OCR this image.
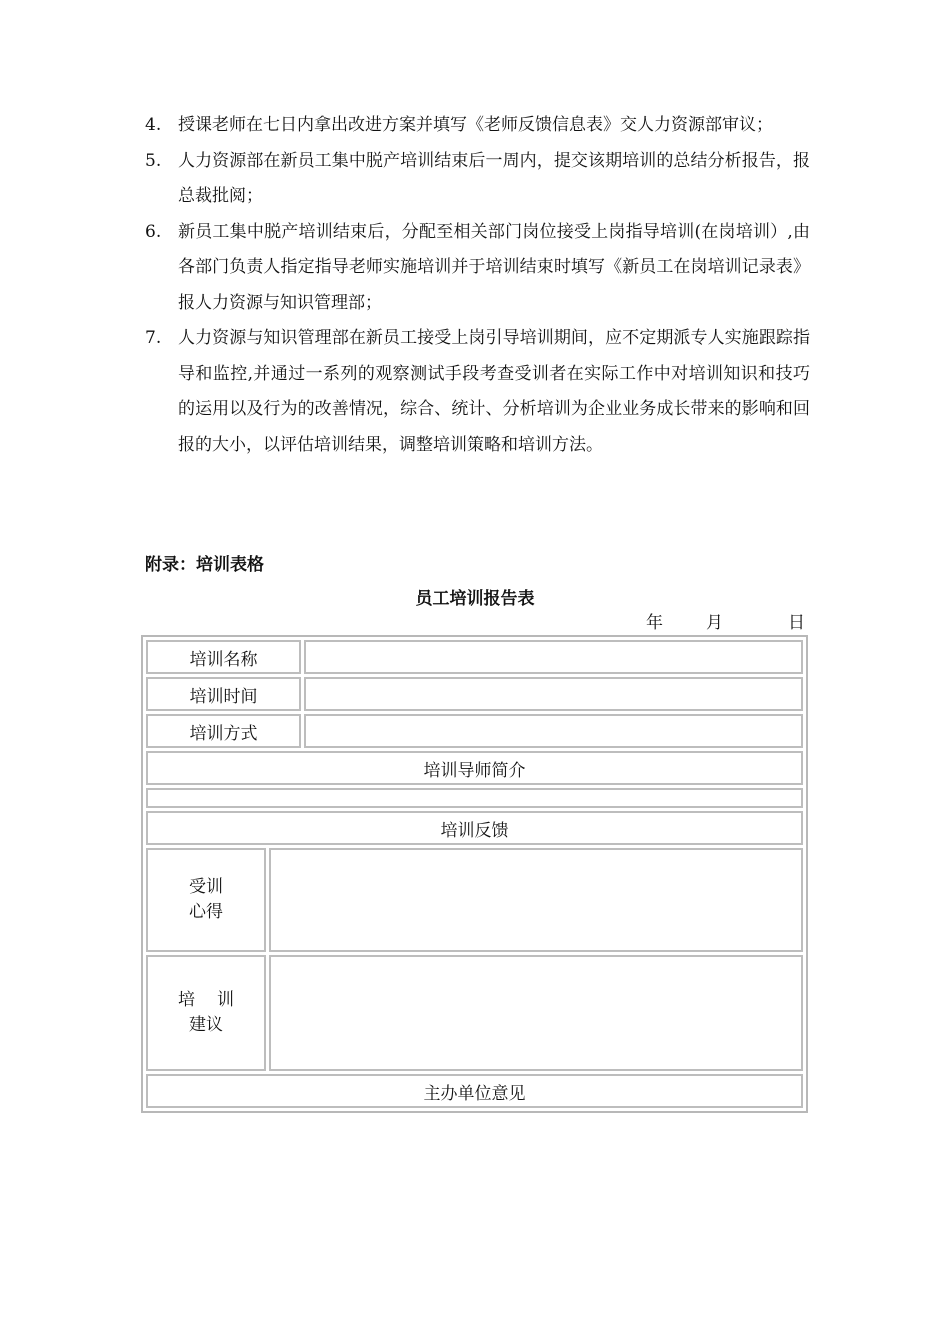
4. 授课老师在七日内拿出改进方案并填写《老师反馈信息表》交人力资源部审议；
5. 人力资源部在新员工集中脱产培训结束后一周内，提交该期培训的总结分析报告，报总裁批阅；
6. 新员工集中脱产培训结束后，分配至相关部门岗位接受上岗指导培训(在岗培训）,由各部门负责人指定指导老师实施培训并于培训结束时填写《新员工在岗培训记录表》报人力资源与知识管理部；
7. 人力资源与知识管理部在新员工接受上岗引导培训期间，应不定期派专人实施跟踪指导和监控,并通过一系列的观察测试手段考查受训者在实际工作中对培训知识和技巧的运用以及行为的改善情况，综合、统计、分析培训为企业业务成长带来的影响和回报的大小，以评估培训结果，调整培训策略和培训方法。
附录：培训表格
员工培训报告表
年	月	日
培训名称		
培训时间		
培训方式		
培训导师简介		

培训反馈		
受训
心得		
培 训
建议		
主办单位意见		
